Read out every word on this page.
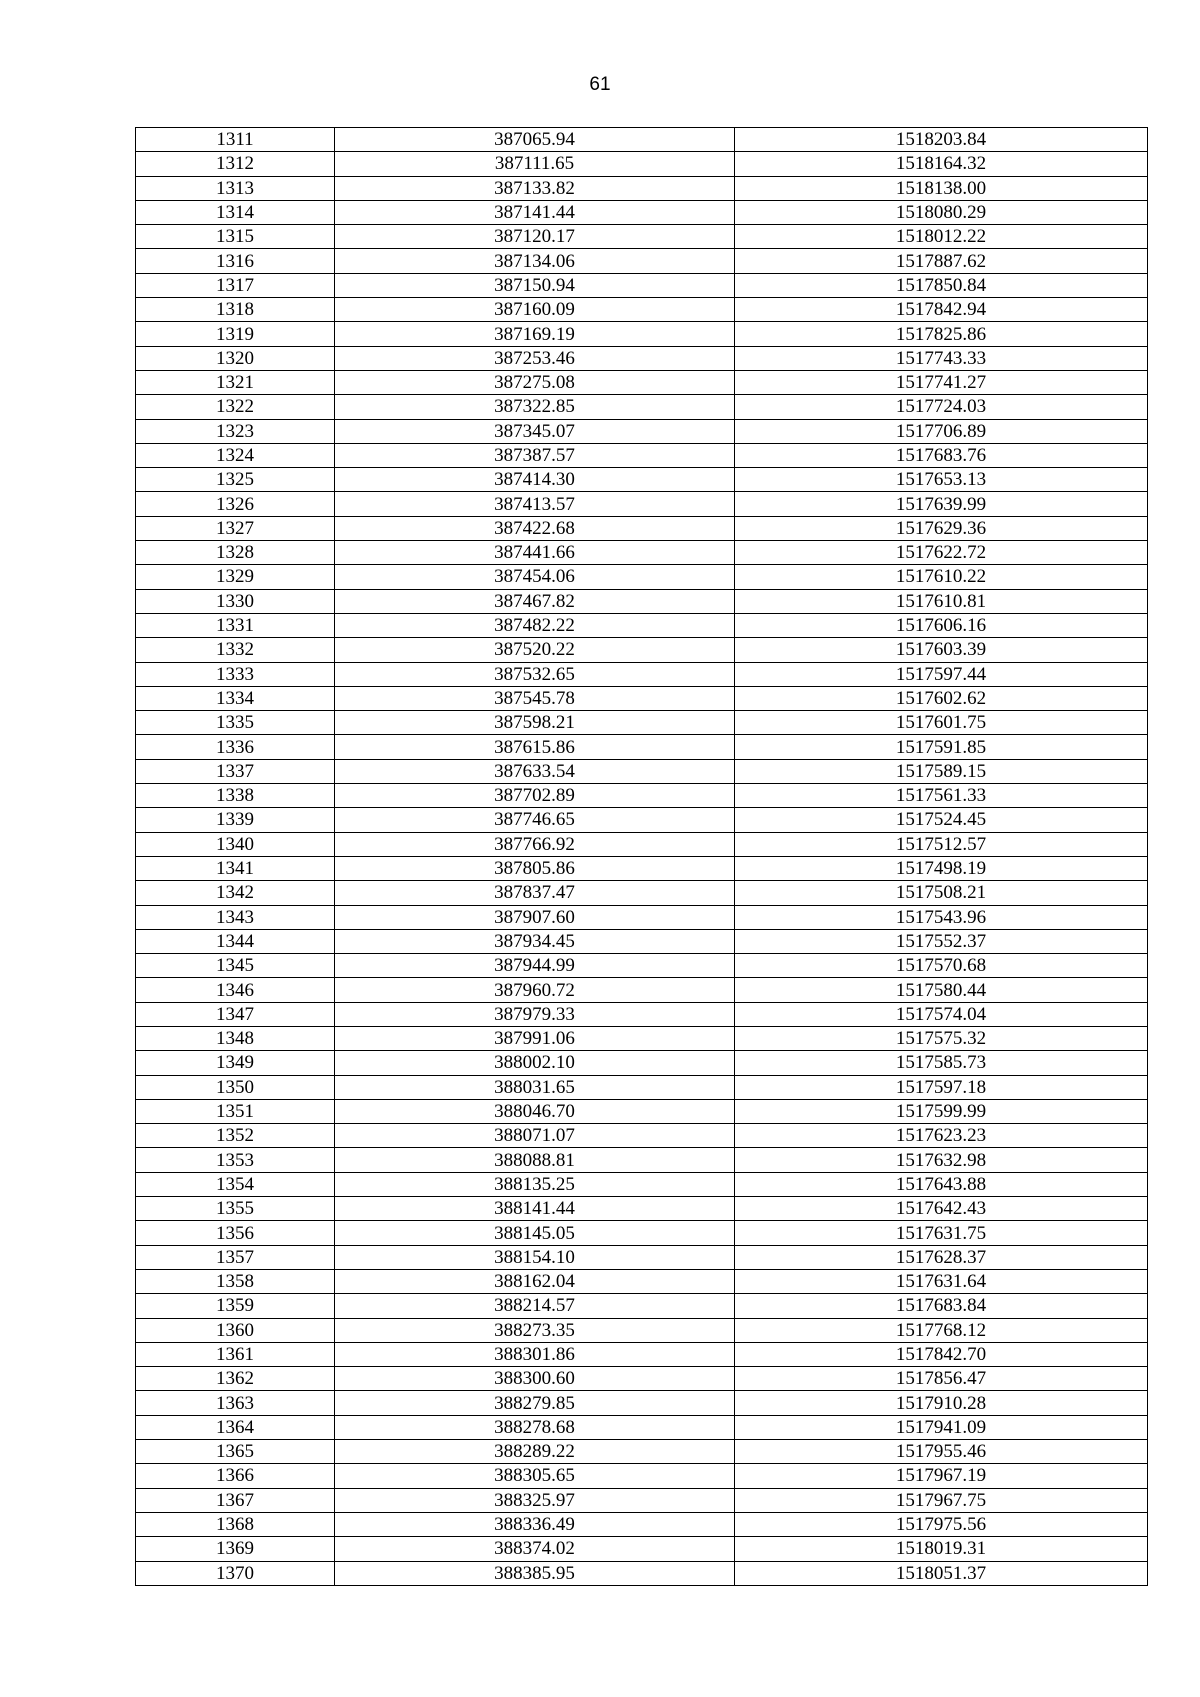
61
1311	387065.94	1518203.84
1312	387111.65	1518164.32
1313	387133.82	1518138.00
1314	387141.44	1518080.29
1315	387120.17	1518012.22
1316	387134.06	1517887.62
1317	387150.94	1517850.84
1318	387160.09	1517842.94
1319	387169.19	1517825.86
1320	387253.46	1517743.33
1321	387275.08	1517741.27
1322	387322.85	1517724.03
1323	387345.07	1517706.89
1324	387387.57	1517683.76
1325	387414.30	1517653.13
1326	387413.57	1517639.99
1327	387422.68	1517629.36
1328	387441.66	1517622.72
1329	387454.06	1517610.22
1330	387467.82	1517610.81
1331	387482.22	1517606.16
1332	387520.22	1517603.39
1333	387532.65	1517597.44
1334	387545.78	1517602.62
1335	387598.21	1517601.75
1336	387615.86	1517591.85
1337	387633.54	1517589.15
1338	387702.89	1517561.33
1339	387746.65	1517524.45
1340	387766.92	1517512.57
1341	387805.86	1517498.19
1342	387837.47	1517508.21
1343	387907.60	1517543.96
1344	387934.45	1517552.37
1345	387944.99	1517570.68
1346	387960.72	1517580.44
1347	387979.33	1517574.04
1348	387991.06	1517575.32
1349	388002.10	1517585.73
1350	388031.65	1517597.18
1351	388046.70	1517599.99
1352	388071.07	1517623.23
1353	388088.81	1517632.98
1354	388135.25	1517643.88
1355	388141.44	1517642.43
1356	388145.05	1517631.75
1357	388154.10	1517628.37
1358	388162.04	1517631.64
1359	388214.57	1517683.84
1360	388273.35	1517768.12
1361	388301.86	1517842.70
1362	388300.60	1517856.47
1363	388279.85	1517910.28
1364	388278.68	1517941.09
1365	388289.22	1517955.46
1366	388305.65	1517967.19
1367	388325.97	1517967.75
1368	388336.49	1517975.56
1369	388374.02	1518019.31
1370	388385.95	1518051.37
